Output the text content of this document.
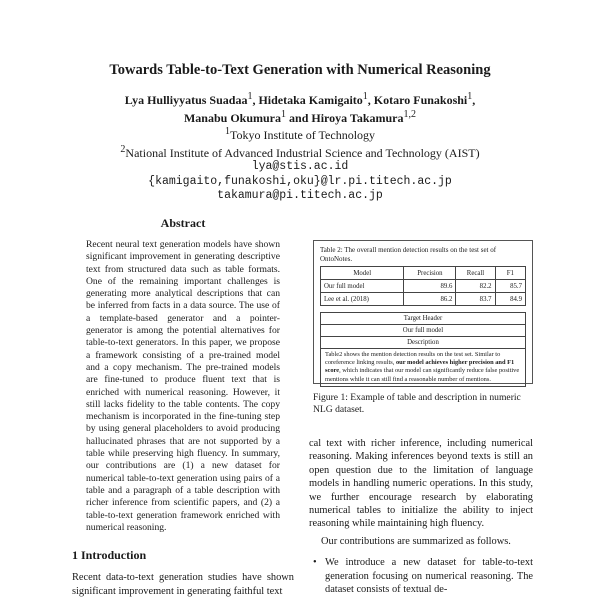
Towards Table-to-Text Generation with Numerical Reasoning
Lya Hulliyyatus Suadaa$^1$, Hidetaka Kamigaito$^1$, Kotaro Funakoshi$^1$,
Manabu Okumura$^1$ and Hiroya Takamura$^{1,2}$
$^1$Tokyo Institute of Technology
$^2$National Institute of Advanced Industrial Science and Technology (AIST)
lya@stis.ac.id
{kamigaito,funakoshi,oku}@lr.pi.titech.ac.jp
takamura@pi.titech.ac.jp
Abstract
Recent neural text generation models have shown significant improvement in generating descriptive text from structured data such as table formats. One of the remaining important challenges is generating more analytical descriptions that can be inferred from facts in a data source. The use of a template-based generator and a pointer-generator is among the potential alternatives for table-to-text generators. In this paper, we propose a framework consisting of a pre-trained model and a copy mechanism. The pre-trained models are fine-tuned to produce fluent text that is enriched with numerical reasoning. However, it still lacks fidelity to the table contents. The copy mechanism is incorporated in the fine-tuning step by using general placeholders to avoid producing hallucinated phrases that are not supported by a table while preserving high fluency. In summary, our contributions are (1) a new dataset for numerical table-to-text generation using pairs of a table and a paragraph of a table description with richer inference from scientific papers, and (2) a table-to-text generation framework enriched with numerical reasoning.
1 Introduction
Recent data-to-text generation studies have shown significant improvement in generating faithful text
Table 2: The overall mention detection results on the test set of OntoNotes.
Model	Precision	Recall	F1
Our full model	89.6	82.2	85.7
Lee et al. (2018)	86.2	83.7	84.9
Target Header
Our full model
Description
Table2 shows the mention detection results on the test set. Similar to coreference linking results, our model achieves higher precision and F1 score, which indicates that our model can significantly reduce false positive mentions while it can still find a reasonable number of mentions.
Figure 1: Example of table and description in numeric NLG dataset.
cal text with richer inference, including numerical reasoning. Making inferences beyond texts is still an open question due to the limitation of language models in handling numeric operations. In this study, we further encourage research by elaborating numerical tables to initialize the ability to inject reasoning while maintaining high fluency.
Our contributions are summarized as follows.
• We introduce a new dataset for table-to-text generation focusing on numerical reasoning. The dataset consists of textual de-
